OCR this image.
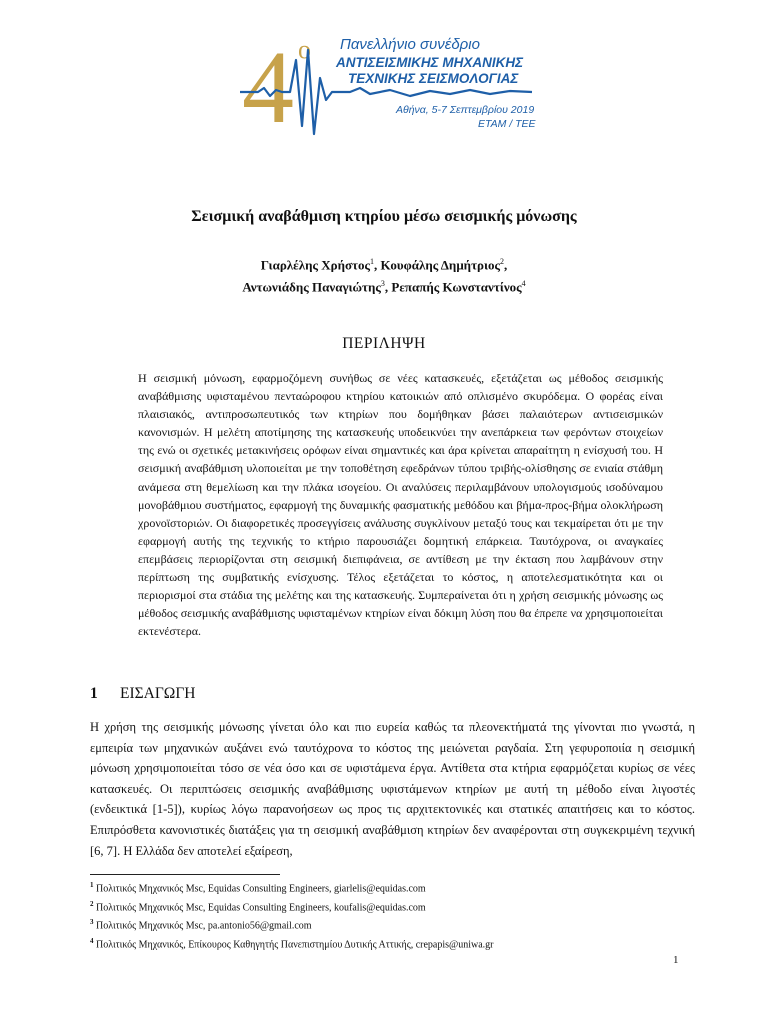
4 ο Πανελλήνιο συνέδριο
ΑΝΤΙΣΕΙΣΜΙΚΗΣ ΜΗΧΑΝΙΚΗΣ
ΤΕΧΝΙΚΗΣ ΣΕΙΣΜΟΛΟΓΙΑΣ
Αθήνα, 5-7 Σεπτεμβρίου 2019
ΕΤΑΜ / ΤΕΕ
Σεισμική αναβάθμιση κτηρίου μέσω σεισμικής μόνωσης
Γιαρλέλης Χρήστος$^1$, Κουφάλης Δημήτριος$^2$,
Αντωνιάδης Παναγιώτης$^3$, Ρεπαπής Κωνσταντίνος$^4$
ΠΕΡΙΛΗΨΗ
Η σεισμική μόνωση, εφαρμοζόμενη συνήθως σε νέες κατασκευές, εξετάζεται ως μέθοδος σεισμικής αναβάθμισης υφισταμένου πενταώροφου κτηρίου κατοικιών από οπλισμένο σκυρόδεμα. Ο φορέας είναι πλαισιακός, αντιπροσωπευτικός των κτηρίων που δομήθηκαν βάσει παλαιότερων αντισεισμικών κανονισμών. Η μελέτη αποτίμησης της κατασκευής υποδεικνύει την ανεπάρκεια των φερόντων στοιχείων της ενώ οι σχετικές μετακινήσεις ορόφων είναι σημαντικές και άρα κρίνεται απαραίτητη η ενίσχυσή του. Η σεισμική αναβάθμιση υλοποιείται με την τοποθέτηση εφεδράνων τύπου τριβής-ολίσθησης σε ενιαία στάθμη ανάμεσα στη θεμελίωση και την πλάκα ισογείου. Οι αναλύσεις περιλαμβάνουν υπολογισμούς ισοδύναμου μονοβάθμιου συστήματος, εφαρμογή της δυναμικής φασματικής μεθόδου και βήμα-προς-βήμα ολοκλήρωση χρονοϊστοριών. Οι διαφορετικές προσεγγίσεις ανάλυσης συγκλίνουν μεταξύ τους και τεκμαίρεται ότι με την εφαρμογή αυτής της τεχνικής το κτήριο παρουσιάζει δομητική επάρκεια. Ταυτόχρονα, οι αναγκαίες επεμβάσεις περιορίζονται στη σεισμική διεπιφάνεια, σε αντίθεση με την έκταση που λαμβάνουν στην περίπτωση της συμβατικής ενίσχυσης. Τέλος εξετάζεται το κόστος, η αποτελεσματικότητα και οι περιορισμοί στα στάδια της μελέτης και της κατασκευής. Συμπεραίνεται ότι η χρήση σεισμικής μόνωσης ως μέθοδος σεισμικής αναβάθμισης υφισταμένων κτηρίων είναι δόκιμη λύση που θα έπρεπε να χρησιμοποιείται εκτενέστερα.
1 ΕΙΣΑΓΩΓΗ
Η χρήση της σεισμικής μόνωσης γίνεται όλο και πιο ευρεία καθώς τα πλεονεκτήματά της γίνονται πιο γνωστά, η εμπειρία των μηχανικών αυξάνει ενώ ταυτόχρονα το κόστος της μειώνεται ραγδαία. Στη γεφυροποιία η σεισμική μόνωση χρησιμοποιείται τόσο σε νέα όσο και σε υφιστάμενα έργα. Αντίθετα στα κτήρια εφαρμόζεται κυρίως σε νέες κατασκευές. Οι περιπτώσεις σεισμικής αναβάθμισης υφιστάμενων κτηρίων με αυτή τη μέθοδο είναι λιγοστές (ενδεικτικά [1-5]), κυρίως λόγω παρανοήσεων ως προς τις αρχιτεκτονικές και στατικές απαιτήσεις και το κόστος. Επιπρόσθετα κανονιστικές διατάξεις για τη σεισμική αναβάθμιση κτηρίων δεν αναφέρονται στη συγκεκριμένη τεχνική [6, 7]. Η Ελλάδα δεν αποτελεί εξαίρεση,
$^1$ Πολιτικός Μηχανικός Msc, Equidas Consulting Engineers, giarlelis@equidas.com
$^2$ Πολιτικός Μηχανικός Msc, Equidas Consulting Engineers, koufalis@equidas.com
$^3$ Πολιτικός Μηχανικός Msc, pa.antonio56@gmail.com
$^4$ Πολιτικός Μηχανικός, Επίκουρος Καθηγητής Πανεπιστημίου Δυτικής Αττικής, crepapis@uniwa.gr
1
